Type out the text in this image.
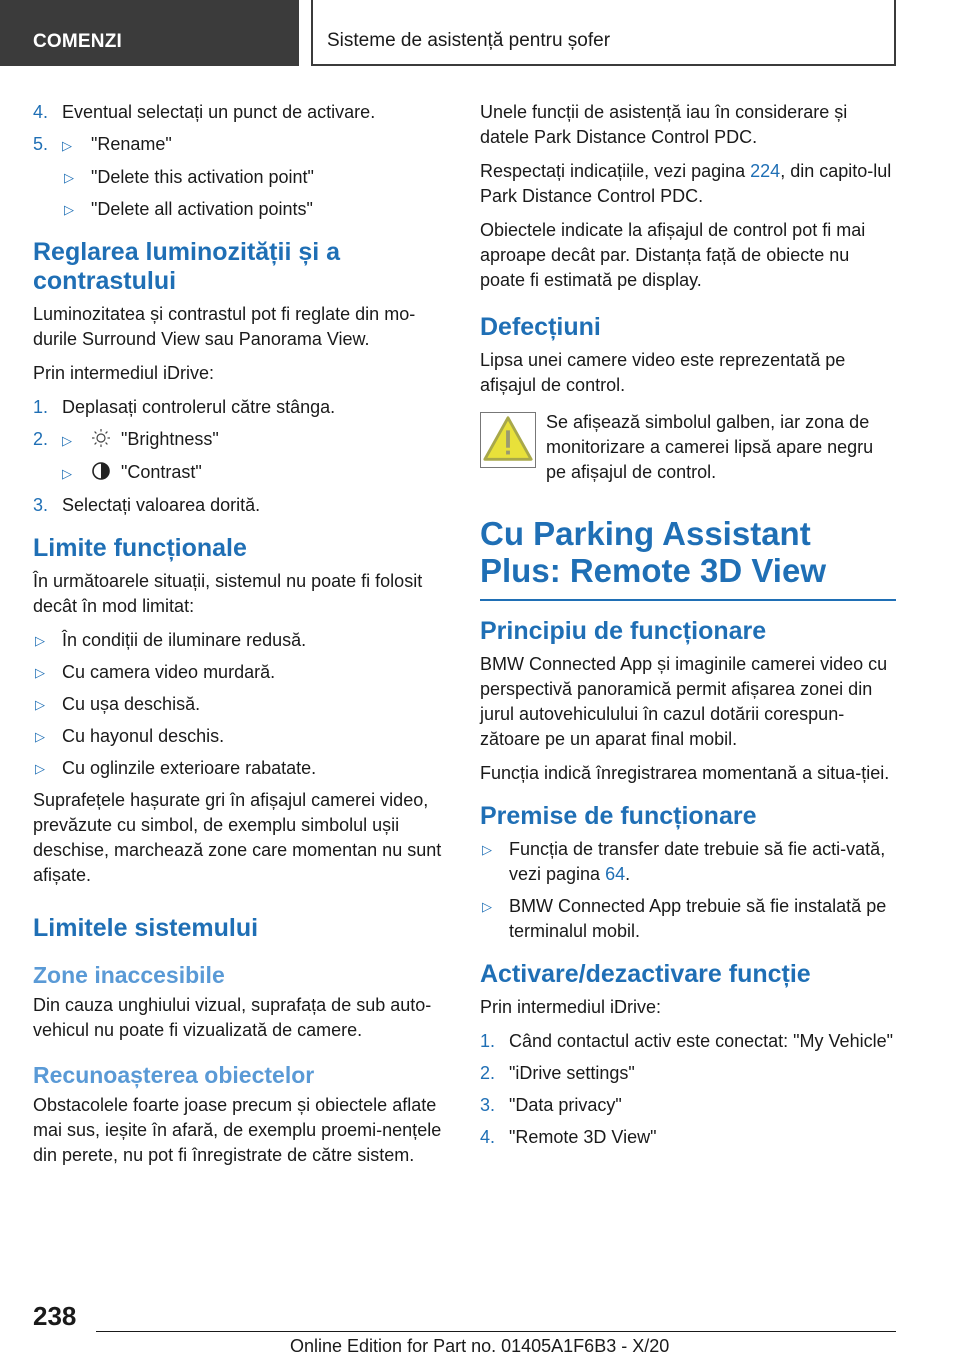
COMENZI	Sisteme de asistență pentru șofer
4. Eventual selectați un punct de activare.
5. ▷ "Rename"
▷ "Delete this activation point"
▷ "Delete all activation points"
Reglarea luminozității și a contrastului

Luminozitatea și contrastul pot fi reglate din mo-durile Surround View sau Panorama View.

Prin intermediul iDrive:

1. Deplasați controlerul către stânga.
2. ▷	"Brightness"
▷	"Contrast"
3. Selectați valoarea dorită.
Limite funcționale

În următoarele situații, sistemul nu poate fi folosit decât în mod limitat:

▷ În condiții de iluminare redusă.
▷ Cu camera video murdară.
▷ Cu ușa deschisă.
▷ Cu hayonul deschis.
▷ Cu oglinzile exterioare rabatate.

Suprafețele hașurate gri în afișajul camerei video, prevăzute cu simbol, de exemplu simbolul ușii deschise, marchează zone care momentan nu sunt afișate.

Limitele sistemului
Zone inaccesibile

Din cauza unghiului vizual, suprafața de sub auto-vehicul nu poate fi vizualizată de camere.

Recunoașterea obiectelor

Obstacolele foarte joase precum și obiectele aflate mai sus, ieșite în afară, de exemplu proemi-nențele din perete, nu pot fi înregistrate de către sistem.

Unele funcții de asistență iau în considerare și datele Park Distance Control PDC.

Respectați indicațiile, vezi pagina 224, din capito-lul Park Distance Control PDC.

Obiectele indicate la afișajul de control pot fi mai aproape decât par. Distanța față de obiecte nu poate fi estimată pe display.

Defecțiuni

Lipsa unei camere video este reprezentată pe afișajul de control.

Se afișează simbolul galben, iar zona de monitorizare a camerei lipsă apare negru pe afișajul de control.
Cu Parking Assistant Plus: Remote 3D View
Principiu de funcționare

BMW Connected App și imaginile camerei video cu perspectivă panoramică permit afișarea zonei din jurul autovehiculului în cazul dotării corespun-zătoare pe un aparat final mobil.

Funcția indică înregistrarea momentană a situa-ției.

Premise de funcționare
▷ Funcția de transfer date trebuie să fie acti-vată, vezi pagina 64.
▷ BMW Connected App trebuie să fie instalată pe terminalul mobil.
Activare/dezactivare funcție

Prin intermediul iDrive:

1. Când contactul activ este conectat: "My Vehicle"
2. "iDrive settings"
3. "Data privacy"
4. "Remote 3D View"
238
Online Edition for Part no. 01405A1F6B3 - X/20
